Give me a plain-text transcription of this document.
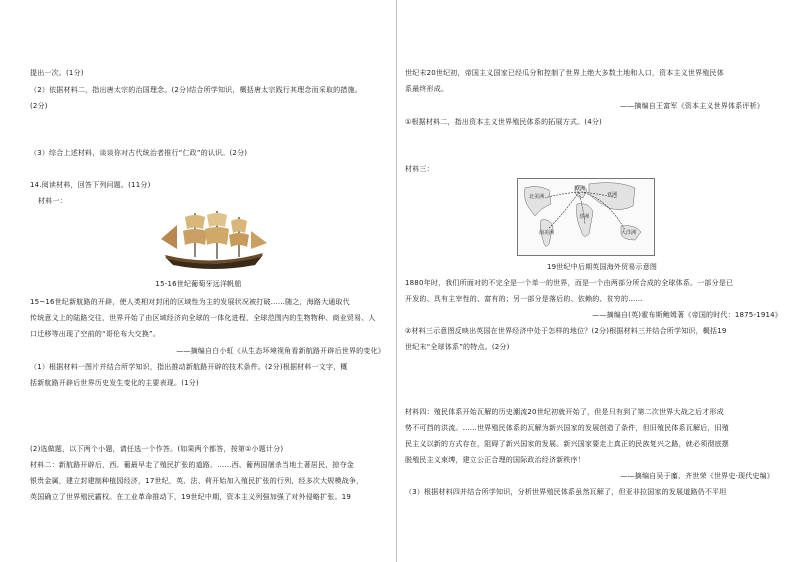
提出一次。(1分)
（2）依据材料二，指出唐太宗的治国理念。(2分)结合所学知识，概括唐太宗践行其理念而采取的措施。
(2分)
（3）综合上述材料，谈谈你对古代统治者推行“仁政”的认识。(2分)
14.阅读材料，回答下列问题。(11分)
材料一：
15-16世纪葡萄牙远洋帆船
15~16世纪新航路的开辟，使人类相对封闭的区域性为主的发展状况被打破……随之，海路大通取代
传统意义上的陆路交往，世界开始了由区域经济向全球的一体化进程，全球范围内的生物物种、商业贸易、人
口迁移等出现了空前的“哥伦布大交换”。
——摘编自白小虹《从生态环境视角看新航路开辟后世界的变化》
（1）根据材料一图片并结合所学知识，指出推动新航路开辟的技术条件。(2分)根据材料一文字，概
括新航路开辟后世界历史发生变化的主要表现。(1分)
(2)选做题，以下两个小题，请任选一个作答。(如果两个都答，按第①小题计分)
材料二：新航路开辟后，西、葡最早走了殖民扩张的道路。……西、葡两国屠杀当地土著居民，掠夺金
银贵金属，建立封建制种植园经济，17世纪，英、法、荷开始加入殖民扩张的行列，经多次大规模战争，
英国确立了世界殖民霸权。在工业革命推动下，19世纪中期，资本主义列强加强了对外侵略扩张。19
世纪末20世纪初，帝国主义国家已经瓜分和控制了世界上绝大多数土地和人口，资本主义世界殖民体
系最终形成。
——摘编自王富军《资本主义世界体系评析》
①根据材料二，指出资本主义世界殖民体系的拓展方式。(4分)
材料三：
北美洲
南美洲
欧洲
亚洲
非洲
大洋洲
19世纪中后期英国海外贸易示意图
1880年时，我们所面对的不完全是一个单一的世界，而是一个由两部分所合成的全球体系。一部分是已
开发的、具有主宰性的、富有的；另一部分是落后的、依赖的、贫穷的……
——摘编自(英)霍布斯鲍姆著《帝国的时代：1875-1914》
②材料三示意图反映出英国在世界经济中处于怎样的地位？(2分)根据材料三并结合所学知识，概括19
世纪末“全球体系”的特点。(2分)
材料四：殖民体系开始瓦解的历史潮流20世纪初就开始了，但是只有到了第二次世界大战之后才形成
势不可挡的洪流。……世界殖民体系的瓦解为新兴国家的发展创造了条件，但旧殖民体系瓦解后，旧殖
民主义以新的方式存在，阻碍了新兴国家的发展。新兴国家要走上真正的民族复兴之路，就必须彻底摆
脱殖民主义束缚，建立公正合理的国际政治经济新秩序！
——摘编自吴于廑、齐世荣《世界史·现代史编》
（3）根据材料四并结合所学知识，分析世界殖民体系虽然瓦解了，但亚非拉国家的发展道路仍不平坦
